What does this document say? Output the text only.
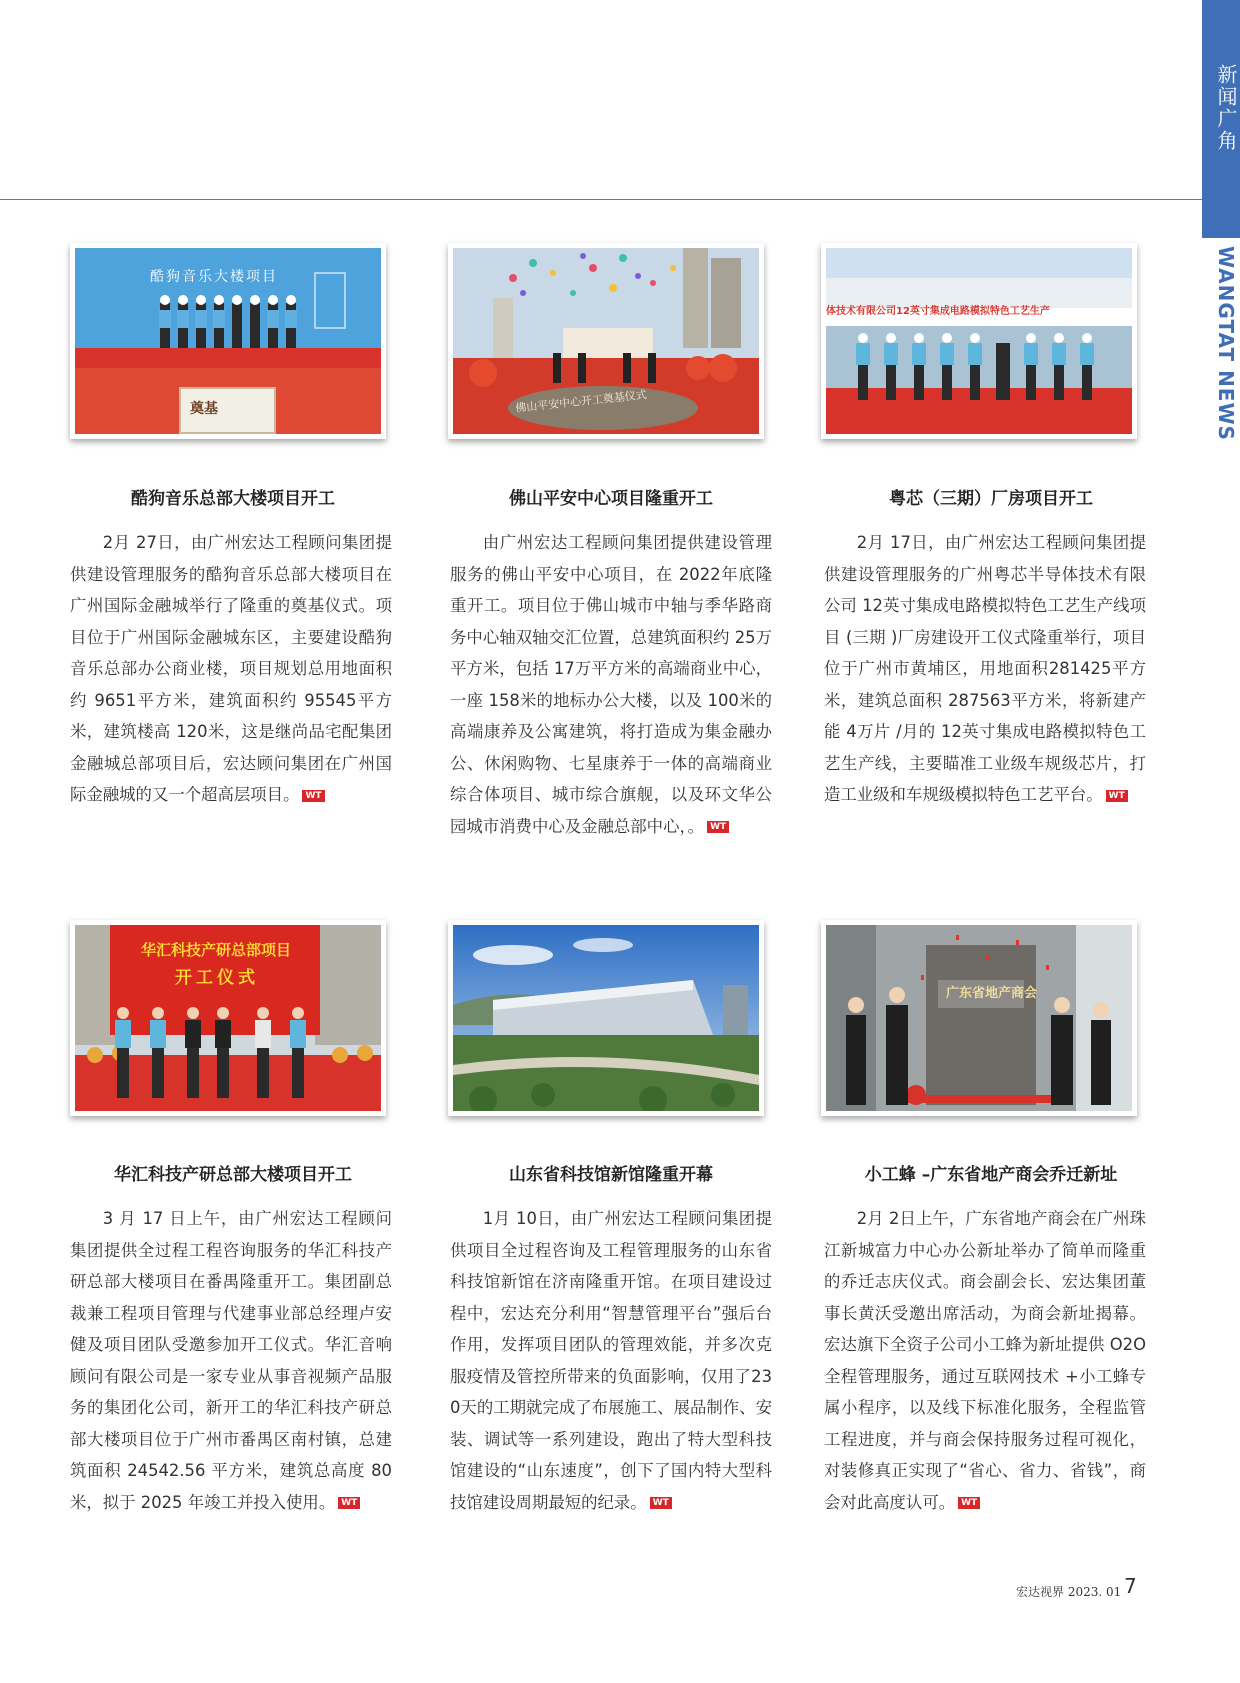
新闻广角
WANGTAT NEWS
酷狗音乐大楼项目
奠基	佛山平安中心开工奠基仪式
体技术有限公司12英寸集成电路模拟特色工艺生产
华汇科技产研总部项目
开工仪式
广东省地产商会
酷狗音乐总部大楼项目开工	佛山平安中心项目隆重开工	粤芯（三期）厂房项目开工
华汇科技产研总部大楼项目开工	山东省科技馆新馆隆重开幕	小工蜂 –广东省地产商会乔迁新址
2月 27日，由广州宏达工程顾问集团提供建设管理服务的酷狗音乐总部大楼项目在广州国际金融城举行了隆重的奠基仪式。项目位于广州国际金融城东区，主要建设酷狗音乐总部办公商业楼，项目规划总用地面积约 9651平方米，建筑面积约 95545平方米，建筑楼高 120米，这是继尚品宅配集团金融城总部项目后，宏达顾问集团在广州国际金融城的又一个超高层项目。 WT
由广州宏达工程顾问集团提供建设管理服务的佛山平安中心项目，在 2022年底隆重开工。项目位于佛山城市中轴与季华路商务中心轴双轴交汇位置，总建筑面积约 25万平方米，包括 17万平方米的高端商业中心，一座 158米的地标办公大楼，以及 100米的高端康养及公寓建筑，将打造成为集金融办公、休闲购物、七星康养于一体的高端商业综合体项目、城市综合旗舰，以及环文华公园城市消费中心及金融总部中心，。 WT
2月 17日，由广州宏达工程顾问集团提供建设管理服务的广州粤芯半导体技术有限公司 12英寸集成电路模拟特色工艺生产线项目 (三期 )厂房建设开工仪式隆重举行，项目位于广州市黄埔区，用地面积281425平方米，建筑总面积 287563平方米，将新建产能 4万片 /月的 12英寸集成电路模拟特色工艺生产线，主要瞄准工业级车规级芯片，打造工业级和车规级模拟特色工艺平台。 WT
3 月 17 日上午，由广州宏达工程顾问集团提供全过程工程咨询服务的华汇科技产研总部大楼项目在番禺隆重开工。集团副总裁兼工程项目管理与代建事业部总经理卢安健及项目团队受邀参加开工仪式。华汇音响顾问有限公司是一家专业从事音视频产品服务的集团化公司，新开工的华汇科技产研总部大楼项目位于广州市番禺区南村镇，总建筑面积 24542.56 平方米，建筑总高度 80 米，拟于 2025 年竣工并投入使用。 WT
1月 10日，由广州宏达工程顾问集团提供项目全过程咨询及工程管理服务的山东省科技馆新馆在济南隆重开馆。在项目建设过程中，宏达充分利用“智慧管理平台”强后台作用，发挥项目团队的管理效能，并多次克服疫情及管控所带来的负面影响，仅用了230天的工期就完成了布展施工、展品制作、安装、调试等一系列建设，跑出了特大型科技馆建设的“山东速度”，创下了国内特大型科技馆建设周期最短的纪录。 WT
2月 2日上午，广东省地产商会在广州珠江新城富力中心办公新址举办了简单而隆重的乔迁志庆仪式。商会副会长、宏达集团董事长黄沃受邀出席活动，为商会新址揭幕。宏达旗下全资子公司小工蜂为新址提供 O2O全程管理服务，通过互联网技术 +小工蜂专属小程序，以及线下标准化服务，全程监管工程进度，并与商会保持服务过程可视化，对装修真正实现了“省心、省力、省钱”，商会对此高度认可。 WT
宏达视界 2023. 01 7
